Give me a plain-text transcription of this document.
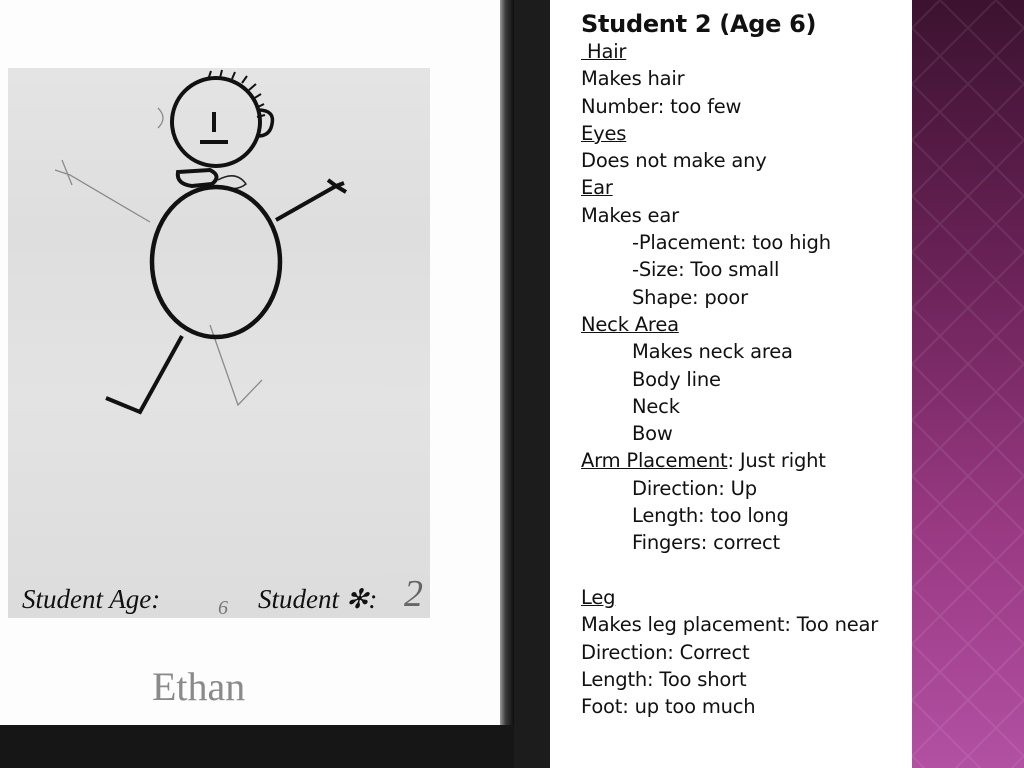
Student Age:	6 Student ✻: 2
Ethan
Student 2 (Age 6)
Hair
Makes hair
Number: too few
Eyes
Does not make any
Ear
Makes ear
-Placement: too high
-Size: Too small
Shape: poor
Neck Area
Makes neck area
Body line
Neck
Bow
Arm Placement: Just right
Direction: Up
Length: too long
Fingers: correct
Leg
Makes leg placement: Too near
Direction: Correct
Length: Too short
Foot: up too much
